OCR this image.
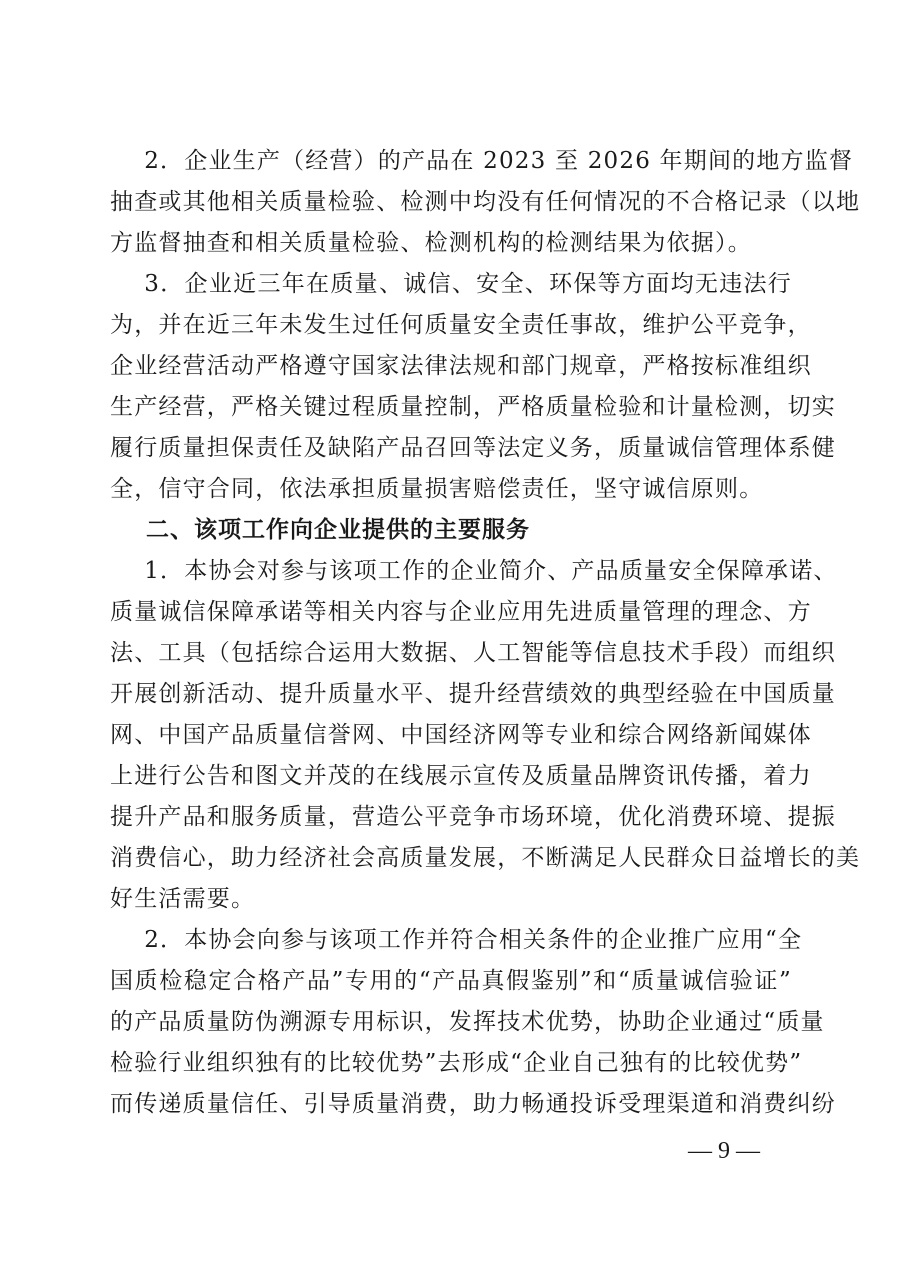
　2．企业生产（经营）的产品在 2023 至 2026 年期间的地方监督
抽查或其他相关质量检验、检测中均没有任何情况的不合格记录（以地
方监督抽查和相关质量检验、检测机构的检测结果为依据）。
　3．企业近三年在质量、诚信、安全、环保等方面均无违法行
为，并在近三年未发生过任何质量安全责任事故，维护公平竞争，
企业经营活动严格遵守国家法律法规和部门规章，严格按标准组织
生产经营，严格关键过程质量控制，严格质量检验和计量检测，切实
履行质量担保责任及缺陷产品召回等法定义务，质量诚信管理体系健
全，信守合同，依法承担质量损害赔偿责任，坚守诚信原则。
二、该项工作向企业提供的主要服务
　1．本协会对参与该项工作的企业简介、产品质量安全保障承诺、
质量诚信保障承诺等相关内容与企业应用先进质量管理的理念、方
法、工具（包括综合运用大数据、人工智能等信息技术手段）而组织
开展创新活动、提升质量水平、提升经营绩效的典型经验在中国质量
网、中国产品质量信誉网、中国经济网等专业和综合网络新闻媒体
上进行公告和图文并茂的在线展示宣传及质量品牌资讯传播，着力
提升产品和服务质量，营造公平竞争市场环境，优化消费环境、提振
消费信心，助力经济社会高质量发展，不断满足人民群众日益增长的美
好生活需要。
　2．本协会向参与该项工作并符合相关条件的企业推广应用“全
国质检稳定合格产品”专用的“产品真假鉴别”和“质量诚信验证”
的产品质量防伪溯源专用标识，发挥技术优势，协助企业通过“质量
检验行业组织独有的比较优势”去形成“企业自己独有的比较优势”
而传递质量信任、引导质量消费，助力畅通投诉受理渠道和消费纠纷
— 9 —
